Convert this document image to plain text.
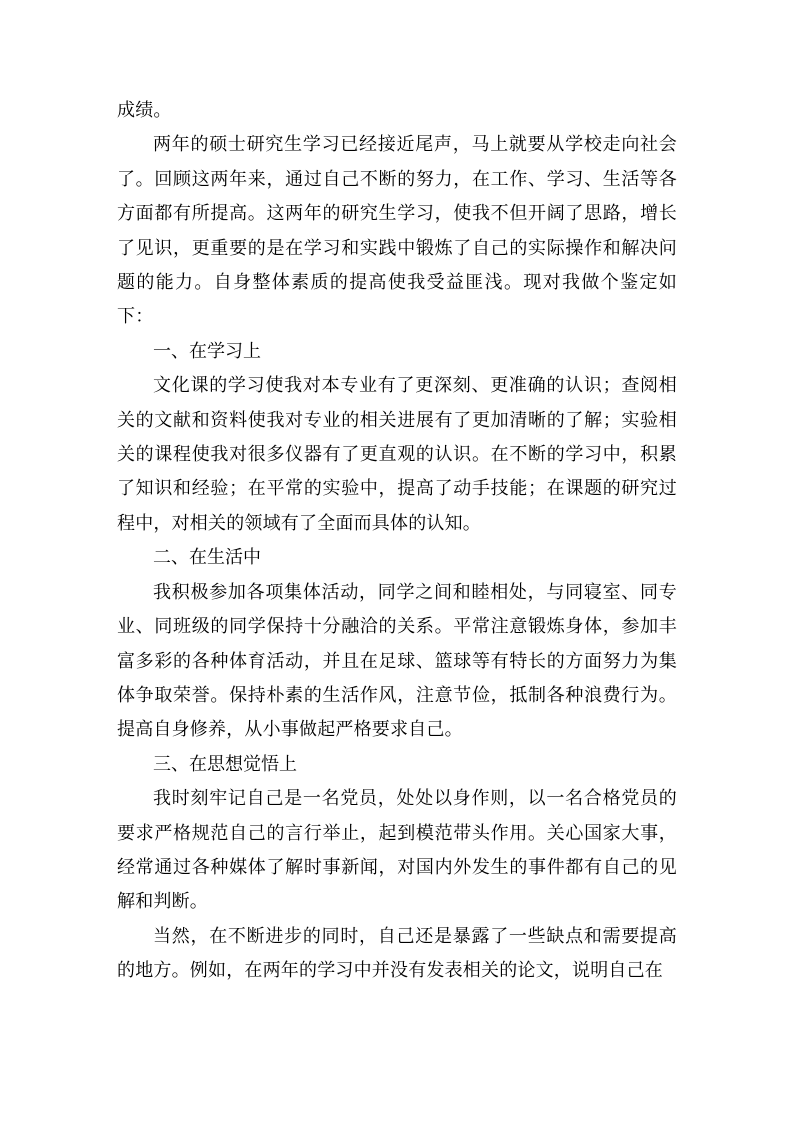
成绩。

两年的硕士研究生学习已经接近尾声，马上就要从学校走向社会了。回顾这两年来，通过自己不断的努力，在工作、学习、生活等各方面都有所提高。这两年的研究生学习，使我不但开阔了思路，增长了见识，更重要的是在学习和实践中锻炼了自己的实际操作和解决问题的能力。自身整体素质的提高使我受益匪浅。现对我做个鉴定如下：

一、在学习上

文化课的学习使我对本专业有了更深刻、更准确的认识；查阅相关的文献和资料使我对专业的相关进展有了更加清晰的了解；实验相关的课程使我对很多仪器有了更直观的认识。在不断的学习中，积累了知识和经验；在平常的实验中，提高了动手技能；在课题的研究过程中，对相关的领域有了全面而具体的认知。

二、在生活中

我积极参加各项集体活动，同学之间和睦相处，与同寝室、同专业、同班级的同学保持十分融洽的关系。平常注意锻炼身体，参加丰富多彩的各种体育活动，并且在足球、篮球等有特长的方面努力为集体争取荣誉。保持朴素的生活作风，注意节俭，抵制各种浪费行为。提高自身修养，从小事做起严格要求自己。

三、在思想觉悟上

我时刻牢记自己是一名党员，处处以身作则，以一名合格党员的要求严格规范自己的言行举止，起到模范带头作用。关心国家大事，经常通过各种媒体了解时事新闻，对国内外发生的事件都有自己的见解和判断。

当然，在不断进步的同时，自己还是暴露了一些缺点和需要提高的地方。例如，在两年的学习中并没有发表相关的论文，说明自己在
